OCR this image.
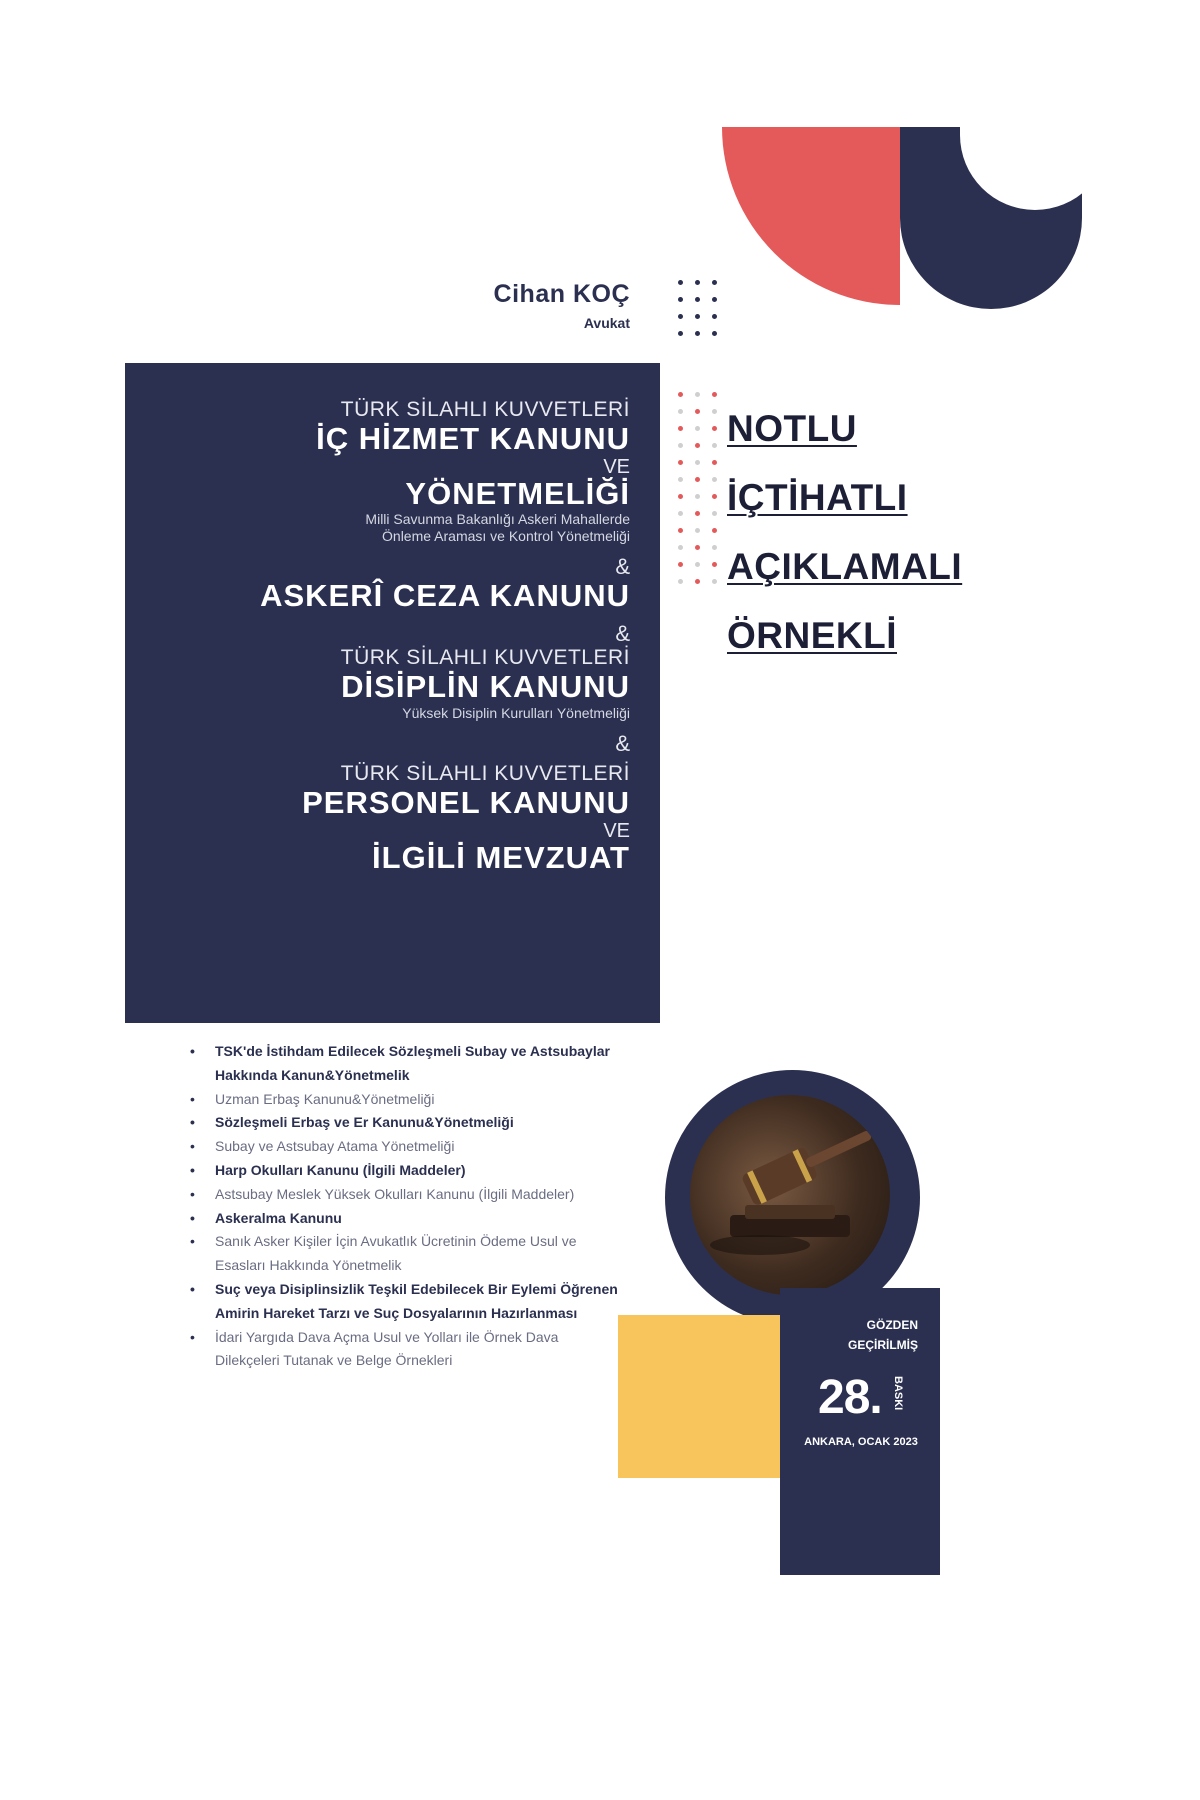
Cihan KOÇ
Avukat
TÜRK SİLAHLI KUVVETLERİ
İÇ HİZMET KANUNU
VE
YÖNETMELİĞİ
Milli Savunma Bakanlığı Askeri Mahallerde
Önleme Araması ve Kontrol Yönetmeliği
&
ASKERÎ CEZA KANUNU
&
TÜRK SİLAHLI KUVVETLERİ
DİSİPLİN KANUNU
Yüksek Disiplin Kurulları Yönetmeliği
&
TÜRK SİLAHLI KUVVETLERİ
PERSONEL KANUNU
VE
İLGİLİ MEVZUAT
NOTLU
İÇTİHATLI
AÇIKLAMALI
ÖRNEKLİ
• TSK'de İstihdam Edilecek Sözleşmeli Subay ve Astsubaylar Hakkında Kanun&Yönetmelik
• Uzman Erbaş Kanunu&Yönetmeliği
• Sözleşmeli Erbaş ve Er Kanunu&Yönetmeliği
• Subay ve Astsubay Atama Yönetmeliği
• Harp Okulları Kanunu (İlgili Maddeler)
• Astsubay Meslek Yüksek Okulları Kanunu (İlgili Maddeler)
• Askeralma Kanunu
• Sanık Asker Kişiler İçin Avukatlık Ücretinin Ödeme Usul ve Esasları Hakkında Yönetmelik
• Suç veya Disiplinsizlik Teşkil Edebilecek Bir Eylemi Öğrenen Amirin Hareket Tarzı ve Suç Dosyalarının Hazırlanması
• İdari Yargıda Dava Açma Usul ve Yolları ile Örnek Dava Dilekçeleri Tutanak ve Belge Örnekleri
GÖZDEN
GEÇİRİLMİŞ
28. BASKI
ANKARA, OCAK 2023
